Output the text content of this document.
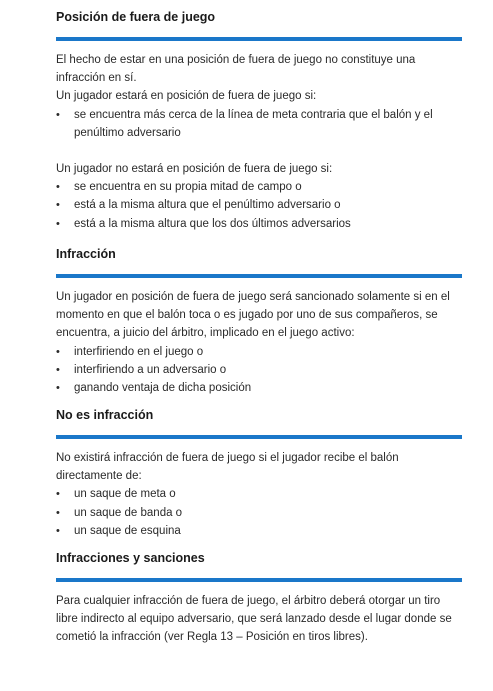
Posición de fuera de juego

El hecho de estar en una posición de fuera de juego no constituye una infracción en sí.

Un jugador estará en posición de fuera de juego si:

•	se encuentra más cerca de la línea de meta contraria que el balón y el penúltimo adversario

Un jugador no estará en posición de fuera de juego si:

•	se encuentra en su propia mitad de campo o
•	está a la misma altura que el penúltimo adversario o
•	está a la misma altura que los dos últimos adversarios

Infracción

Un jugador en posición de fuera de juego será sancionado solamente si en el momento en que el balón toca o es jugado por uno de sus compañeros, se encuentra, a juicio del árbitro, implicado en el juego activo:

•	interfiriendo en el juego o
•	interfiriendo a un adversario o
•	ganando ventaja de dicha posición

No es infracción

No existirá infracción de fuera de juego si el jugador recibe el balón directamente de:

•	un saque de meta o
•	un saque de banda o
•	un saque de esquina

Infracciones y sanciones

Para cualquier infracción de fuera de juego, el árbitro deberá otorgar un tiro libre indirecto al equipo adversario, que será lanzado desde el lugar donde se cometió la infracción (ver Regla 13 – Posición en tiros libres).
